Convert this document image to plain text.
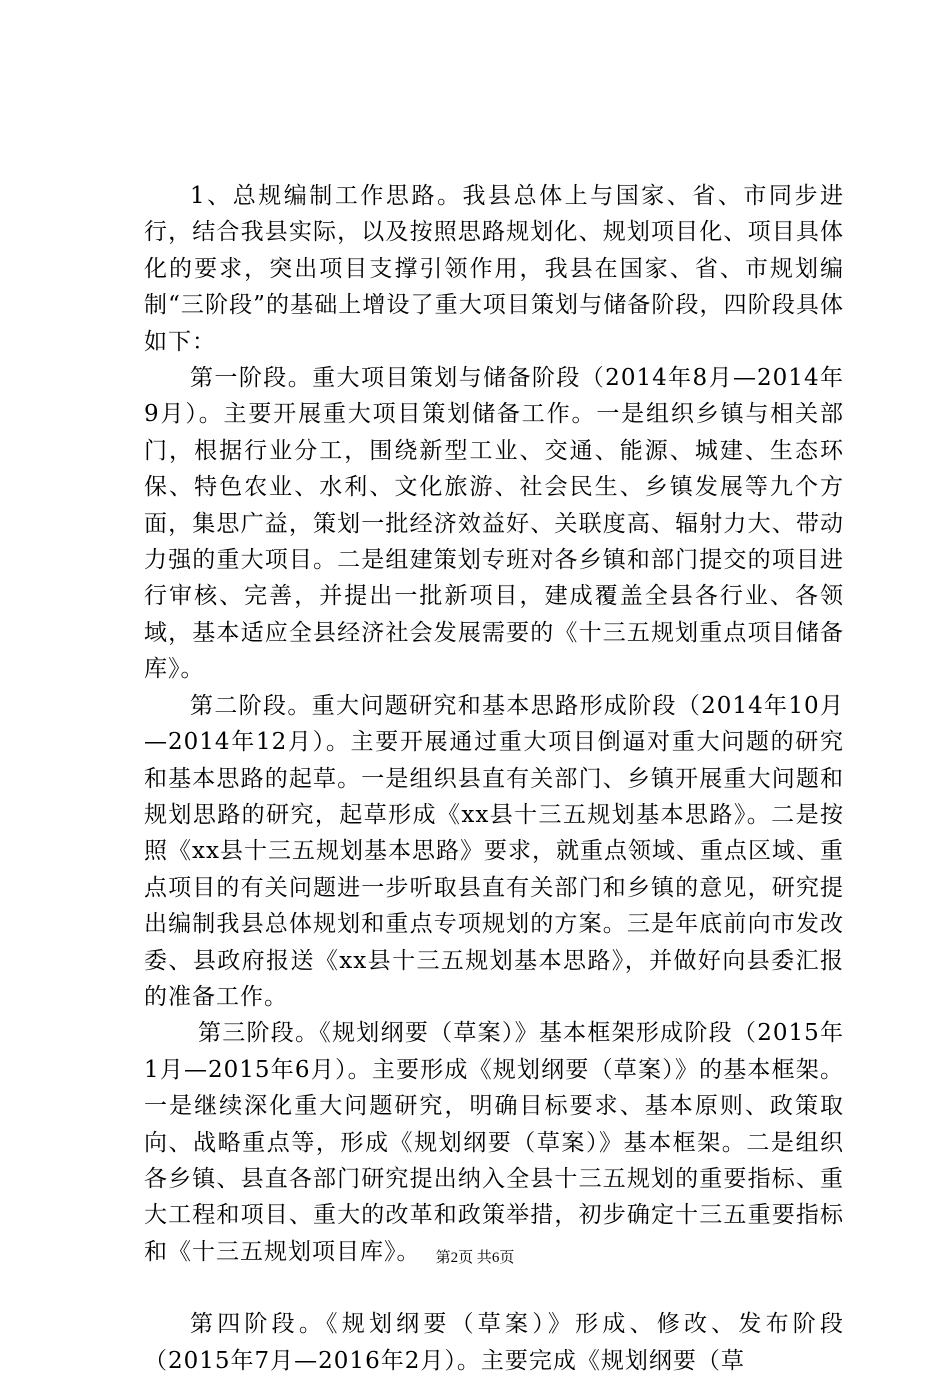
1、总规编制工作思路。我县总体上与国家、省、市同步进行，结合我县实际，以及按照思路规划化、规划项目化、项目具体化的要求，突出项目支撑引领作用，我县在国家、省、市规划编制“三阶段”的基础上增设了重大项目策划与储备阶段，四阶段具体如下：

第一阶段。重大项目策划与储备阶段（2014年8月—2014年9月）。主要开展重大项目策划储备工作。一是组织乡镇与相关部门，根据行业分工，围绕新型工业、交通、能源、城建、生态环保、特色农业、水利、文化旅游、社会民生、乡镇发展等九个方面，集思广益，策划一批经济效益好、关联度高、辐射力大、带动力强的重大项目。二是组建策划专班对各乡镇和部门提交的项目进行审核、完善，并提出一批新项目，建成覆盖全县各行业、各领域，基本适应全县经济社会发展需要的《十三五规划重点项目储备库》。

第二阶段。重大问题研究和基本思路形成阶段（2014年10月—2014年12月）。主要开展通过重大项目倒逼对重大问题的研究和基本思路的起草。一是组织县直有关部门、乡镇开展重大问题和规划思路的研究，起草形成《xx县十三五规划基本思路》。二是按照《xx县十三五规划基本思路》要求，就重点领域、重点区域、重点项目的有关问题进一步听取县直有关部门和乡镇的意见，研究提出编制我县总体规划和重点专项规划的方案。三是年底前向市发改委、县政府报送《xx县十三五规划基本思路》，并做好向县委汇报的准备工作。

第三阶段。《规划纲要（草案）》基本框架形成阶段（2015年1月—2015年6月）。主要形成《规划纲要（草案）》的基本框架。一是继续深化重大问题研究，明确目标要求、基本原则、政策取向、战略重点等，形成《规划纲要（草案）》基本框架。二是组织各乡镇、县直各部门研究提出纳入全县十三五规划的重要指标、重大工程和项目、重大的改革和政策举措，初步确定十三五重要指标和《十三五规划项目库》。

第四阶段。《规划纲要（草案）》形成、修改、发布阶段（2015年7月—2016年2月）。主要完成《规划纲要（草

第2页 共6页
